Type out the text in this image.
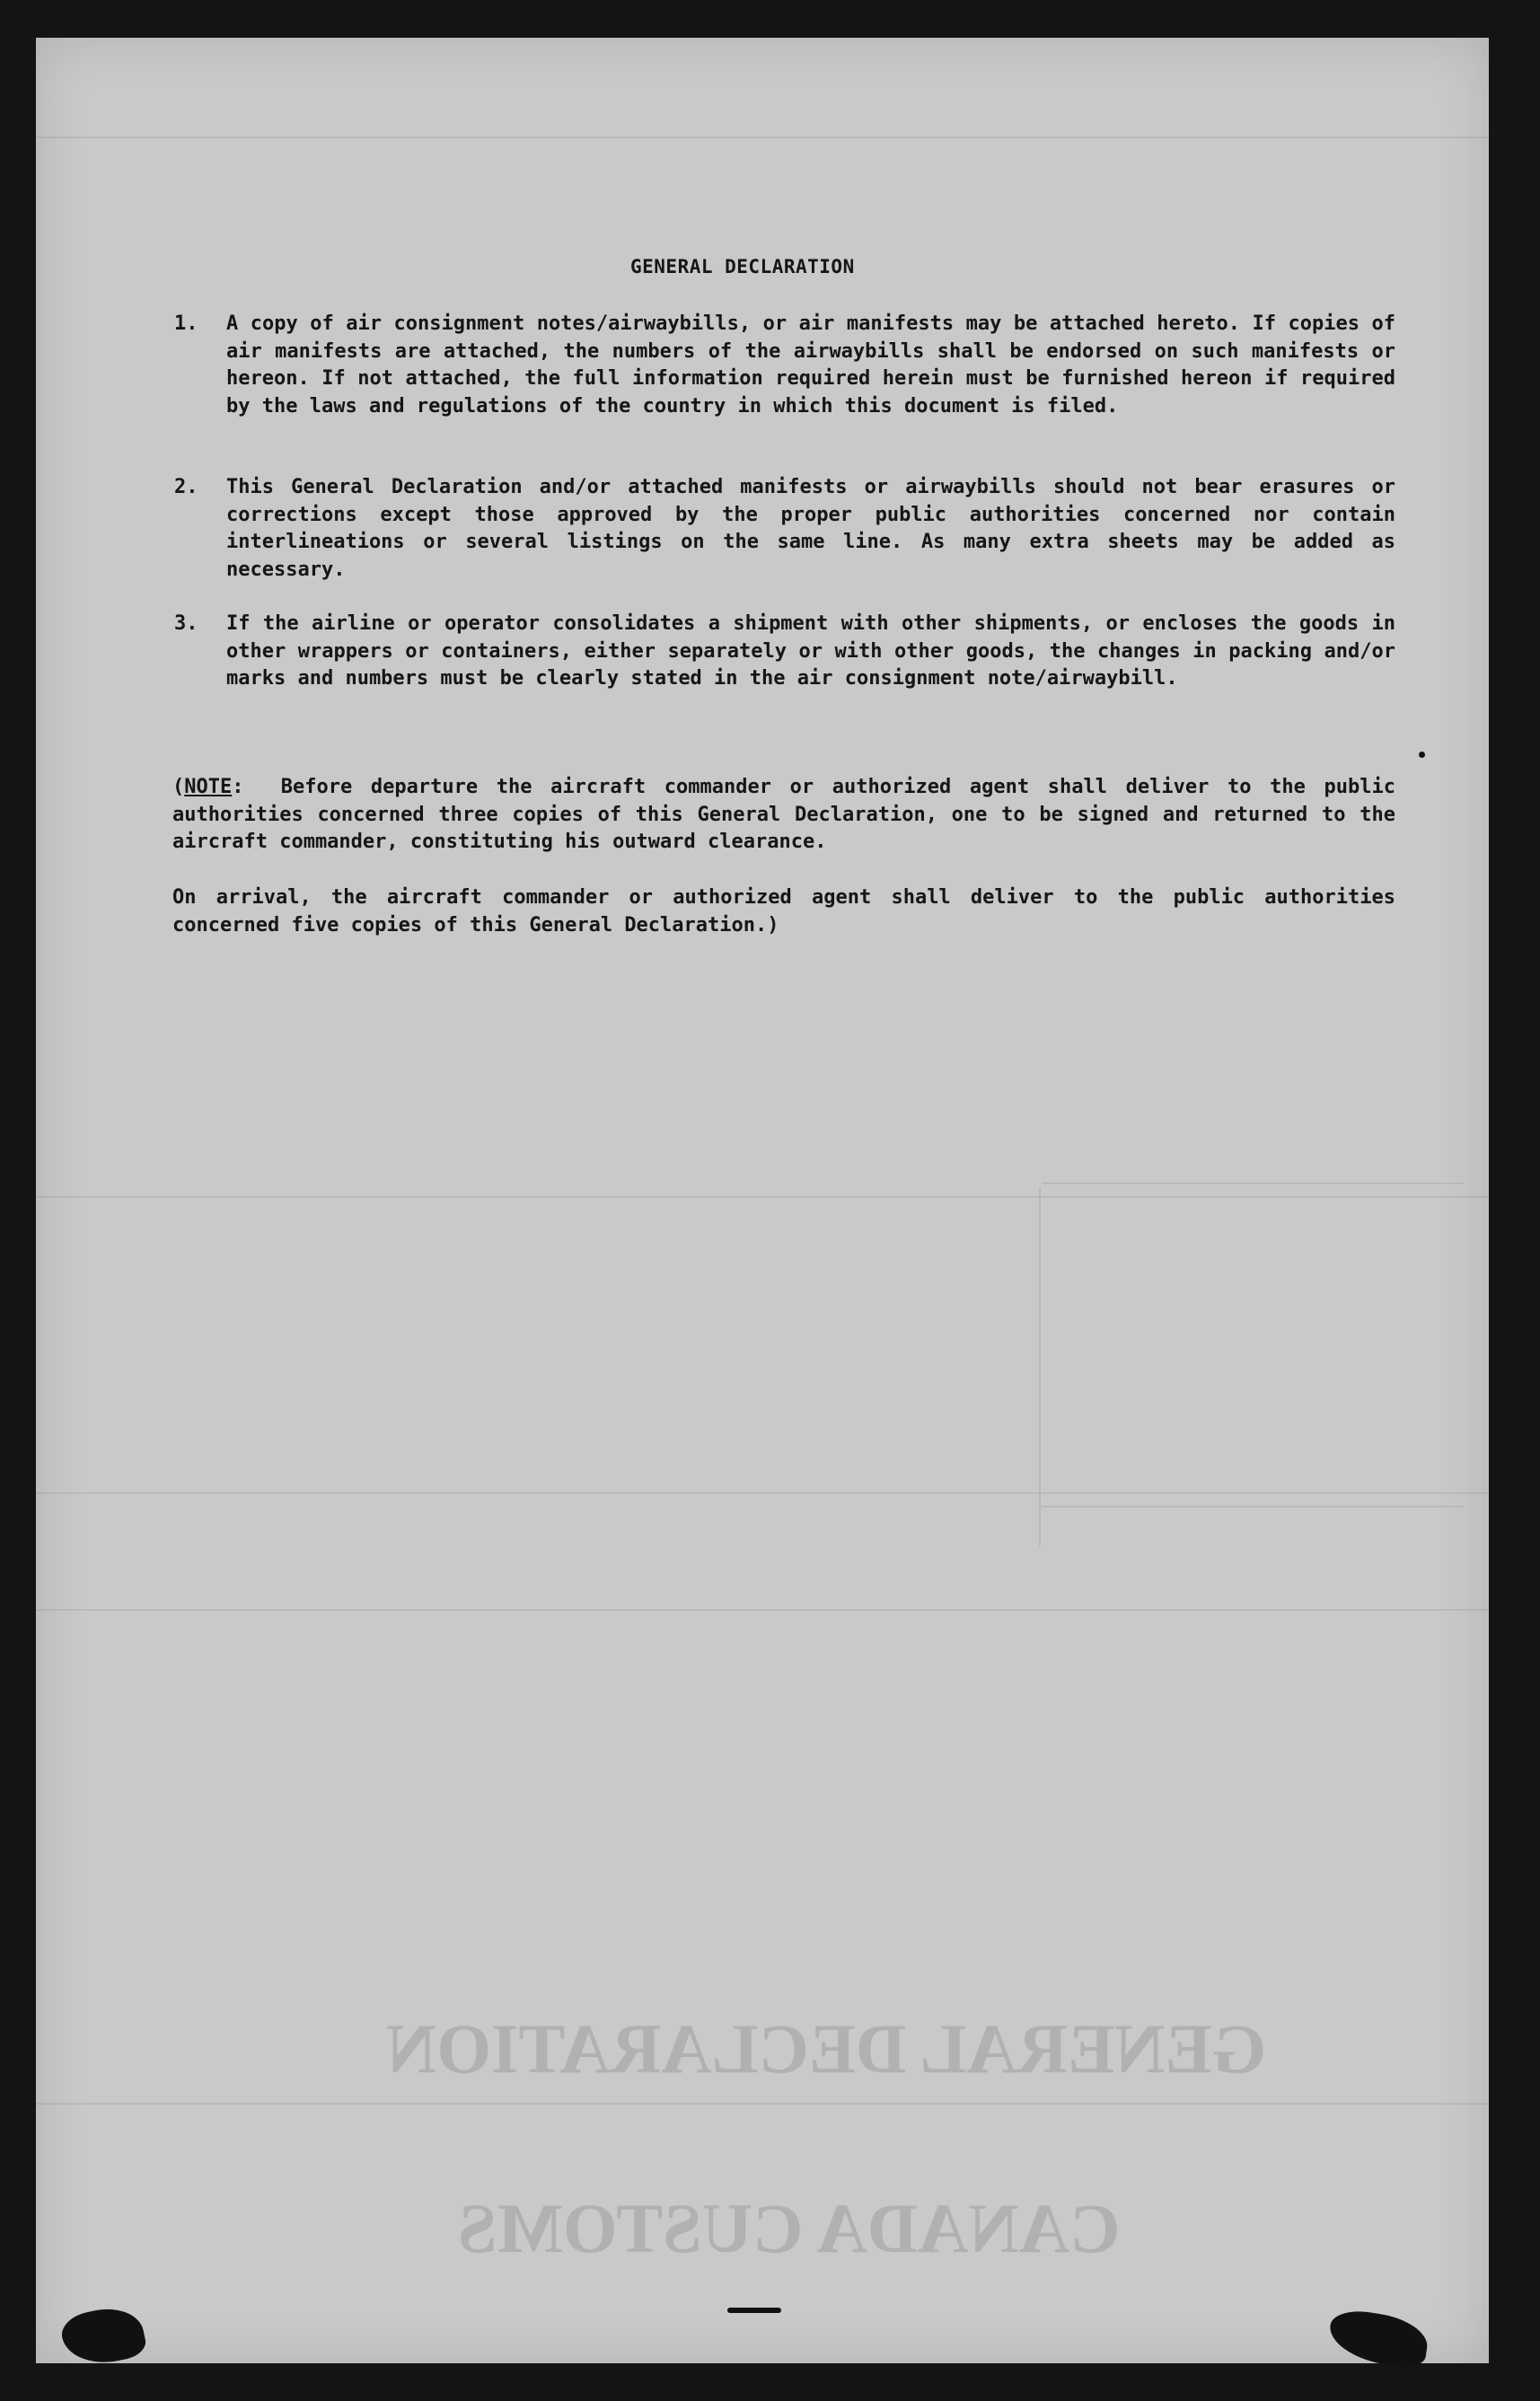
GENERAL DECLARATION
CANADA CUSTOMS
GENERAL DECLARATION
1. A copy of air consignment notes/airwaybills, or air manifests may be attached hereto. If copies of air manifests are attached, the numbers of the airwaybills shall be endorsed on such manifests or hereon. If not attached, the full information required herein must be furnished hereon if required by the laws and regulations of the country in which this document is filed.
2. This General Declaration and/or attached manifests or airwaybills should not bear erasures or corrections except those approved by the proper public authorities concerned nor contain interlineations or several listings on the same line. As many extra sheets may be added as necessary.
3. If the airline or operator consolidates a shipment with other shipments, or encloses the goods in other wrappers or containers, either separately or with other goods, the changes in packing and/or marks and numbers must be clearly stated in the air consignment note/airwaybill.
(NOTE:  Before departure the aircraft commander or authorized agent shall deliver to the public authorities concerned three copies of this General Declaration, one to be signed and returned to the aircraft commander, constituting his outward clearance.
On arrival, the aircraft commander or authorized agent shall deliver to the public authorities concerned five copies of this General Declaration.)
